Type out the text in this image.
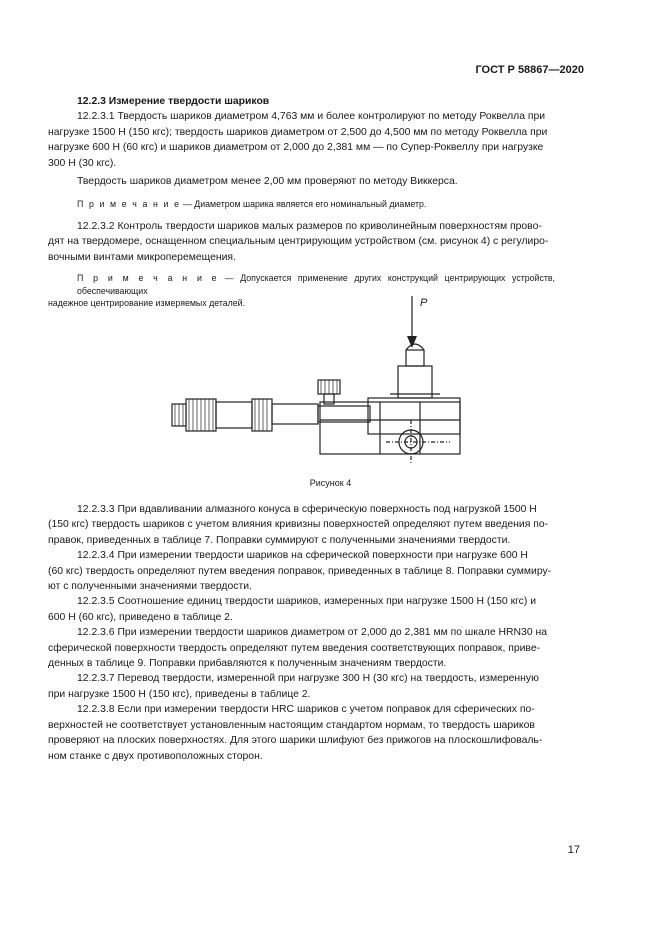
ГОСТ Р 58867—2020

12.2.3 Измерение твердости шариков

12.2.3.1 Твердость шариков диаметром 4,763 мм и более контролируют по методу Роквелла при

нагрузке 1500 Н (150 кгс); твердость шариков диаметром от 2,500 до 4,500 мм по методу Роквелла при

нагрузке 600 Н (60 кгс) и шариков диаметром от 2,000 до 2,381 мм — по Супер-Роквеллу при нагрузке

300 Н (30 кгс).

Твердость шариков диаметром менее 2,00 мм проверяют по методу Виккерса.

П р и м е ч а н и е — Диаметром шарика является его номинальный диаметр.

12.2.3.2 Контроль твердости шариков малых размеров по криволинейным поверхностям прово-

дят на твердомере, оснащенном специальным центрирующим устройством (см. рисунок 4) с регулиро-

вочными винтами микроперемещения.

П р и м е ч а н и е — Допускается применение других конструкций центрирующих устройств, обеспечивающих

надежное центрирование измеряемых деталей.	P
Рисунок 4

12.2.3.3 При вдавливании алмазного конуса в сферическую поверхность под нагрузкой 1500 Н

(150 кгс) твердость шариков с учетом влияния кривизны поверхностей определяют путем введения по-

правок, приведенных в таблице 7. Поправки суммируют с полученными значениями твердости.

12.2.3.4 При измерении твердости шариков на сферической поверхности при нагрузке 600 Н

(60 кгс) твердость определяют путем введения поправок, приведенных в таблице 8. Поправки суммиру-

ют с полученными значениями твердости.

12.2.3.5 Соотношение единиц твердости шариков, измеренных при нагрузке 1500 Н (150 кгс) и

600 Н (60 кгс), приведено в таблице 2.

12.2.3.6 При измерении твердости шариков диаметром от 2,000 до 2,381 мм по шкале HRN30 на

сферической поверхности твердость определяют путем введения соответствующих поправок, приве-

денных в таблице 9. Поправки прибавляются к полученным значениям твердости.

12.2.3.7 Перевод твердости, измеренной при нагрузке 300 Н (30 кгс) на твердость, измеренную

при нагрузке 1500 Н (150 кгс), приведены в таблице 2.

12.2.3.8 Если при измерении твердости HRC шариков с учетом поправок для сферических по-

верхностей не соответствует установленным настоящим стандартом нормам, то твердость шариков

проверяют на плоских поверхностях. Для этого шарики шлифуют без прижогов на плоскошлифоваль-

ном станке с двух противоположных сторон.

17
